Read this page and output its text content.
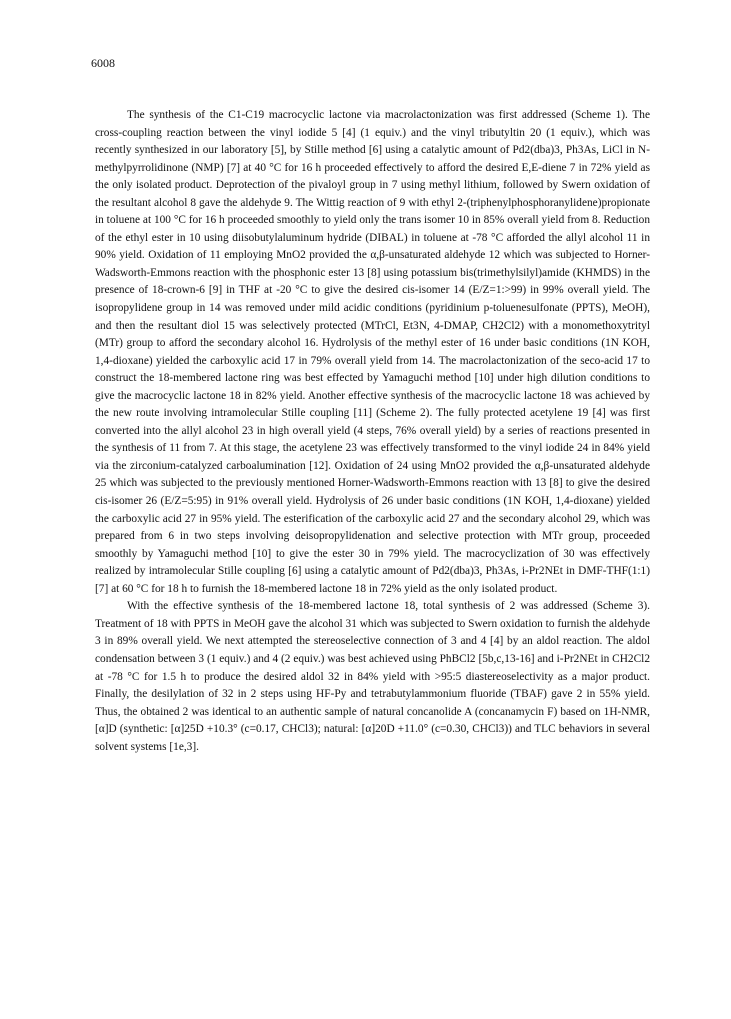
6008

The synthesis of the C1-C19 macrocyclic lactone via macrolactonization was first addressed (Scheme 1). The cross-coupling reaction between the vinyl iodide 5 [4] (1 equiv.) and the vinyl tributyltin 20 (1 equiv.), which was recently synthesized in our laboratory [5], by Stille method [6] using a catalytic amount of Pd2(dba)3, Ph3As, LiCl in N-methylpyrrolidinone (NMP) [7] at 40 °C for 16 h proceeded effectively to afford the desired E,E-diene 7 in 72% yield as the only isolated product. Deprotection of the pivaloyl group in 7 using methyl lithium, followed by Swern oxidation of the resultant alcohol 8 gave the aldehyde 9. The Wittig reaction of 9 with ethyl 2-(triphenylphosphoranylidene)propionate in toluene at 100 °C for 16 h proceeded smoothly to yield only the trans isomer 10 in 85% overall yield from 8. Reduction of the ethyl ester in 10 using diisobutylaluminum hydride (DIBAL) in toluene at -78 °C afforded the allyl alcohol 11 in 90% yield. Oxidation of 11 employing MnO2 provided the α,β-unsaturated aldehyde 12 which was subjected to Horner-Wadsworth-Emmons reaction with the phosphonic ester 13 [8] using potassium bis(trimethylsilyl)amide (KHMDS) in the presence of 18-crown-6 [9] in THF at -20 °C to give the desired cis-isomer 14 (E/Z=1:>99) in 99% overall yield. The isopropylidene group in 14 was removed under mild acidic conditions (pyridinium p-toluenesulfonate (PPTS), MeOH), and then the resultant diol 15 was selectively protected (MTrCl, Et3N, 4-DMAP, CH2Cl2) with a monomethoxytrityl (MTr) group to afford the secondary alcohol 16. Hydrolysis of the methyl ester of 16 under basic conditions (1N KOH, 1,4-dioxane) yielded the carboxylic acid 17 in 79% overall yield from 14. The macrolactonization of the seco-acid 17 to construct the 18-membered lactone ring was best effected by Yamaguchi method [10] under high dilution conditions to give the macrocyclic lactone 18 in 82% yield. Another effective synthesis of the macrocyclic lactone 18 was achieved by the new route involving intramolecular Stille coupling [11] (Scheme 2). The fully protected acetylene 19 [4] was first converted into the allyl alcohol 23 in high overall yield (4 steps, 76% overall yield) by a series of reactions presented in the synthesis of 11 from 7. At this stage, the acetylene 23 was effectively transformed to the vinyl iodide 24 in 84% yield via the zirconium-catalyzed carboalumination [12]. Oxidation of 24 using MnO2 provided the α,β-unsaturated aldehyde 25 which was subjected to the previously mentioned Horner-Wadsworth-Emmons reaction with 13 [8] to give the desired cis-isomer 26 (E/Z=5:95) in 91% overall yield. Hydrolysis of 26 under basic conditions (1N KOH, 1,4-dioxane) yielded the carboxylic acid 27 in 95% yield. The esterification of the carboxylic acid 27 and the secondary alcohol 29, which was prepared from 6 in two steps involving deisopropylidenation and selective protection with MTr group, proceeded smoothly by Yamaguchi method [10] to give the ester 30 in 79% yield. The macrocyclization of 30 was effectively realized by intramolecular Stille coupling [6] using a catalytic amount of Pd2(dba)3, Ph3As, i-Pr2NEt in DMF-THF(1:1) [7] at 60 °C for 18 h to furnish the 18-membered lactone 18 in 72% yield as the only isolated product.

With the effective synthesis of the 18-membered lactone 18, total synthesis of 2 was addressed (Scheme 3). Treatment of 18 with PPTS in MeOH gave the alcohol 31 which was subjected to Swern oxidation to furnish the aldehyde 3 in 89% overall yield. We next attempted the stereoselective connection of 3 and 4 [4] by an aldol reaction. The aldol condensation between 3 (1 equiv.) and 4 (2 equiv.) was best achieved using PhBCl2 [5b,c,13-16] and i-Pr2NEt in CH2Cl2 at -78 °C for 1.5 h to produce the desired aldol 32 in 84% yield with >95:5 diastereoselectivity as a major product. Finally, the desilylation of 32 in 2 steps using HF-Py and tetrabutylammonium fluoride (TBAF) gave 2 in 55% yield. Thus, the obtained 2 was identical to an authentic sample of natural concanolide A (concanamycin F) based on 1H-NMR, [α]D (synthetic: [α]25D +10.3° (c=0.17, CHCl3); natural: [α]20D +11.0° (c=0.30, CHCl3)) and TLC behaviors in several solvent systems [1e,3].
